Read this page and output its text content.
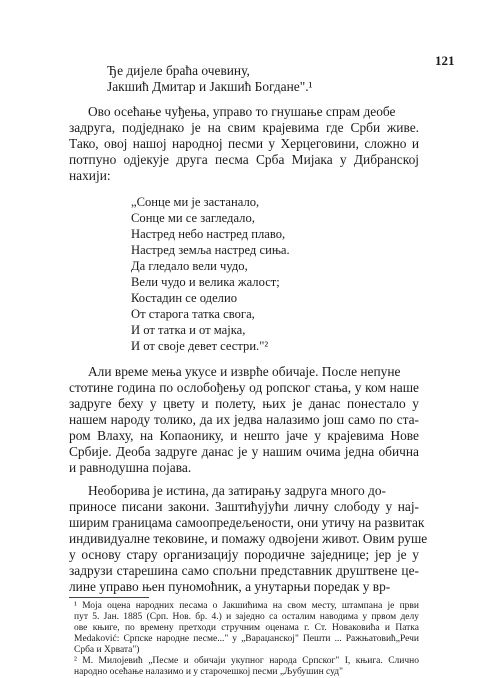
121
Ђе дијеле браћа очевину,
Јакшић Дмитар и Јакшић Богдане".¹
Ово осећање чуђења, управо то гнушање спрам деобе
задруга, подједнако је на свим крајевима где Срби живе.
Тако, овој нашој народној песми у Херцеговини, сложно и
потпуно одјекује друга песма Срба Мијака у Дибранској
нахији:
„Сонце ми је застанало,
Сонце ми се загледало,
Настред небо настред плаво,
Настред земља настред сиња.
Да гледало вели чудо,
Вели чудо и велика жалост;
Костадин се оделио
От старога татка свога,
И от татка и от мајка,
И от своје девет сестри."²
Али време мења укусе и изврће обичаје. После непуне
стотине година по ослобођењу од ропског стања, у ком наше
задруге беху у цвету и полету, њих је данас понестало у
нашем народу толико, да их једва налазимо још само по ста-
ром Влаху, на Копаонику, и нешто јаче у крајевима Нове
Србије. Деоба задруге данас је у нашим очима једна обична
и равнодушна појава.
Необорива је истина, да затирању задруга много до-
приносе писани закони. Заштићујући личну слободу у нај-
ширим границама самоопредељености, они утичу на развитак
индивидуалне тековине, и помажу одвојени живот. Овим руше
у основу стару организацију породичне заједнице; јер је у
задрузи старешина само спољни представник друштвене це-
лине управо њен пуномоћник, а унутарњи поредак у вр-
¹ Моја оцена народних песама о Јакшићима на свом месту, штампана је први
пут 5. Јан. 1885 (Срп. Нов. бр. 4.) и заједно са осталим наводима у првом делу
ове књиге, по времену претходи стручним оценама г. Ст. Новаковића и Патка
Medaković: Српске народне песме..." у „Вараџанској" Пешти ... Ражњатовић„Речи
Срба и Хрвата")
² М. Милојевић „Песме и обичаји укупног народа Српског" I, књига. Слично
народно осећање налазимо и у старочешкој песми „Љубушин суд"
